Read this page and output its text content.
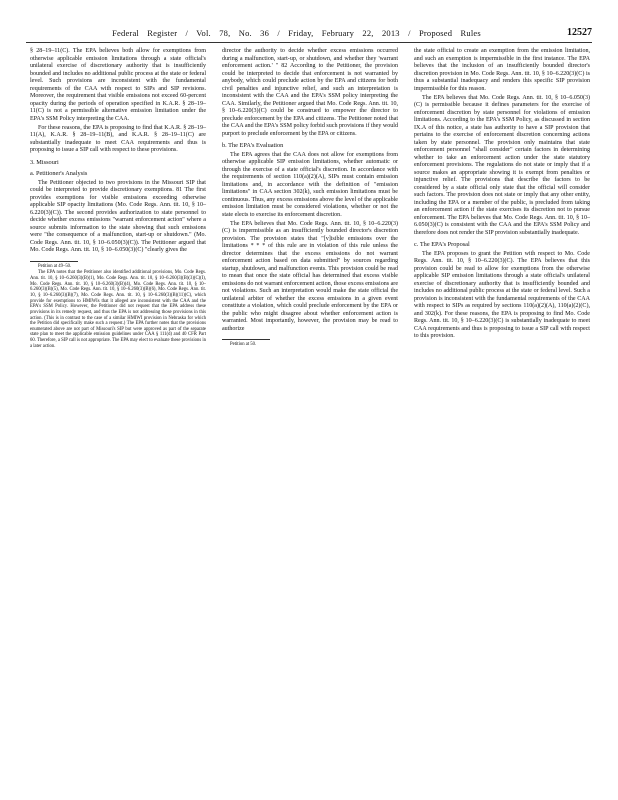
Federal Register / Vol. 78, No. 36 / Friday, February 22, 2013 / Proposed Rules	12527

§ 28–19–11(C). The EPA believes both allow for exemptions from otherwise applicable emission limitations through a state official's unilateral exercise of discretionary authority that is insufficiently bounded and includes no additional public process at the state or federal level. Such provisions are inconsistent with the fundamental requirements of the CAA with respect to SIPs and SIP revisions. Moreover, the requirement that visible emissions not exceed 60-percent opacity during the periods of operation specified in K.A.R. § 28–19–11(C) is not a permissible alternative emission limitation under the EPA's SSM Policy interpreting the CAA.

For these reasons, the EPA is proposing to find that K.A.R. § 28–19–11(A), K.A.R. § 28–19–11(B), and K.A.R. § 28–19–11(C) are substantially inadequate to meet CAA requirements and thus is proposing to issue a SIP call with respect to these provisions.

3. Missouri
a. Petitioner's Analysis

The Petitioner objected to two provisions in the Missouri SIP that could be interpreted to provide discretionary exemptions. 81 The first provides exemptions for visible emissions exceeding otherwise applicable SIP opacity limitations (Mo. Code Regs. Ann. tit. 10, § 10–6.220(3)(C)). The second provides authorization to state personnel to decide whether excess emissions "warrant enforcement action" where a source submits information to the state showing that such emissions were "the consequence of a malfunction, start-up or shutdown." (Mo. Code Regs. Ann. tit. 10, § 10–6.050(3)(C)). The Petitioner argued that Mo. Code Regs. Ann. tit. 10, § 10–6.050(3)(C) "clearly gives the

Petition at 49–50.

The EPA notes that the Petitioner also identified additional provisions, Mo. Code Regs. Ann. tit. 10, § 10–6.260(3)(B)(1), Mo. Code Regs. Ann. tit. 10, § 10–6.260(3)(B)(3)(C)(I), Mo. Code Regs. Ann. tit. 10, § 10–6.260(3)(B)(4), Mo. Code Regs. Ann. tit. 10, § 10–6.260(3)(B)(5), Mo. Code Regs. Ann. tit. 10, § 10–6.260(3)(B)(6), Mo. Code Regs. Ann. tit. 10, § 10–6.260(3)(B)(7), Mo. Code Regs. Ann. tit. 10, § 10–6.260(3)(B)(11)(C), which provide for exemptions to HMIWIs that it alleged are inconsistent with the CAA and the EPA's SSM Policy. However, the Petitioner did not request that the EPA address these provisions in its remedy request, and thus the EPA is not addressing those provisions in this action. (This is in contrast to the case of a similar HMIWI provision in Nebraska for which the Petition did specifically make such a request.) The EPA further notes that the provisions enumerated above are not part of Missouri's SIP but were approved as part of the separate state plan to meet the applicable emission guidelines under CAA § 111(d) and 40 CFR Part 60. Therefore, a SIP call is not appropriate. The EPA may elect to evaluate these provisions in a later action.

director the authority to decide whether excess emissions occurred during a malfunction, start-up, or shutdown, and whether they 'warrant enforcement action.' " 82 According to the Petitioner, the provision could be interpreted to decide that enforcement is not warranted by anybody, which could preclude action by the EPA and citizens for both civil penalties and injunctive relief, and such an interpretation is inconsistent with the CAA and the EPA's SSM policy interpreting the CAA. Similarly, the Petitioner argued that Mo. Code Regs. Ann. tit. 10, § 10–6.220(3)(C) could be construed to empower the director to preclude enforcement by the EPA and citizens. The Petitioner noted that the CAA and the EPA's SSM policy forbid such provisions if they would purport to preclude enforcement by the EPA or citizens.

b. The EPA's Evaluation

The EPA agrees that the CAA does not allow for exemptions from otherwise applicable SIP emission limitations, whether automatic or through the exercise of a state official's discretion. In accordance with the requirements of section 110(a)(2)(A), SIPs must contain emission limitations and, in accordance with the definition of "emission limitations" in CAA section 302(k), such emission limitations must be continuous. Thus, any excess emissions above the level of the applicable emission limitation must be considered violations, whether or not the state elects to exercise its enforcement discretion.

The EPA believes that Mo. Code Regs. Ann. tit. 10, § 10–6.220(3)(C) is impermissible as an insufficiently bounded director's discretion provision. The provision states that "[v]isible emissions over the limitations * * * of this rule are in violation of this rule unless the director determines that the excess emissions do not warrant enforcement action based on data submitted" by sources regarding startup, shutdown, and malfunction events. This provision could be read to mean that once the state official has determined that excess visible emissions do not warrant enforcement action, those excess emissions are not violations. Such an interpretation would make the state official the unilateral arbiter of whether the excess emissions in a given event constitute a violation, which could preclude enforcement by the EPA or the public who might disagree about whether enforcement action is warranted. Most importantly, however, the provision may be read to authorize

Petition at 50.

the state official to create an exemption from the emission limitation, and such an exemption is impermissible in the first instance. The EPA believes that the inclusion of an insufficiently bounded director's discretion provision in Mo. Code Regs. Ann. tit. 10, § 10–6.220(3)(C) is thus a substantial inadequacy and renders this specific SIP provision impermissible for this reason.

The EPA believes that Mo. Code Regs. Ann. tit. 10, § 10–6.050(3)(C) is permissible because it defines parameters for the exercise of enforcement discretion by state personnel for violations of emission limitations. According to the EPA's SSM Policy, as discussed in section IX.A of this notice, a state has authority to have a SIP provision that pertains to the exercise of enforcement discretion concerning actions taken by state personnel. The provision only maintains that state enforcement personnel "shall consider" certain factors in determining whether to take an enforcement action under the state statutory enforcement provisions. The regulations do not state or imply that if a source makes an appropriate showing it is exempt from penalties or injunctive relief. The provisions that describe the factors to be considered by a state official only state that the official will consider such factors. The provision does not state or imply that any other entity, including the EPA or a member of the public, is precluded from taking an enforcement action if the state exercises its discretion not to pursue enforcement. The EPA believes that Mo. Code Regs. Ann. tit. 10, § 10–6.050(3)(C) is consistent with the CAA and the EPA's SSM Policy and therefore does not render the SIP provision substantially inadequate.

c. The EPA's Proposal

The EPA proposes to grant the Petition with respect to Mo. Code Regs. Ann. tit. 10, § 10–6.220(3)(C). The EPA believes that this provision could be read to allow for exemptions from the otherwise applicable SIP emission limitations through a state official's unilateral exercise of discretionary authority that is insufficiently bounded and includes no additional public process at the state or federal level. Such a provision is inconsistent with the fundamental requirements of the CAA with respect to SIPs as required by sections 110(a)(2)(A), 110(a)(2)(C), and 302(k). For these reasons, the EPA is proposing to find Mo. Code Regs. Ann. tit. 10, § 10–6.220(3)(C) is substantially inadequate to meet CAA requirements and thus is proposing to issue a SIP call with respect to this provision.
